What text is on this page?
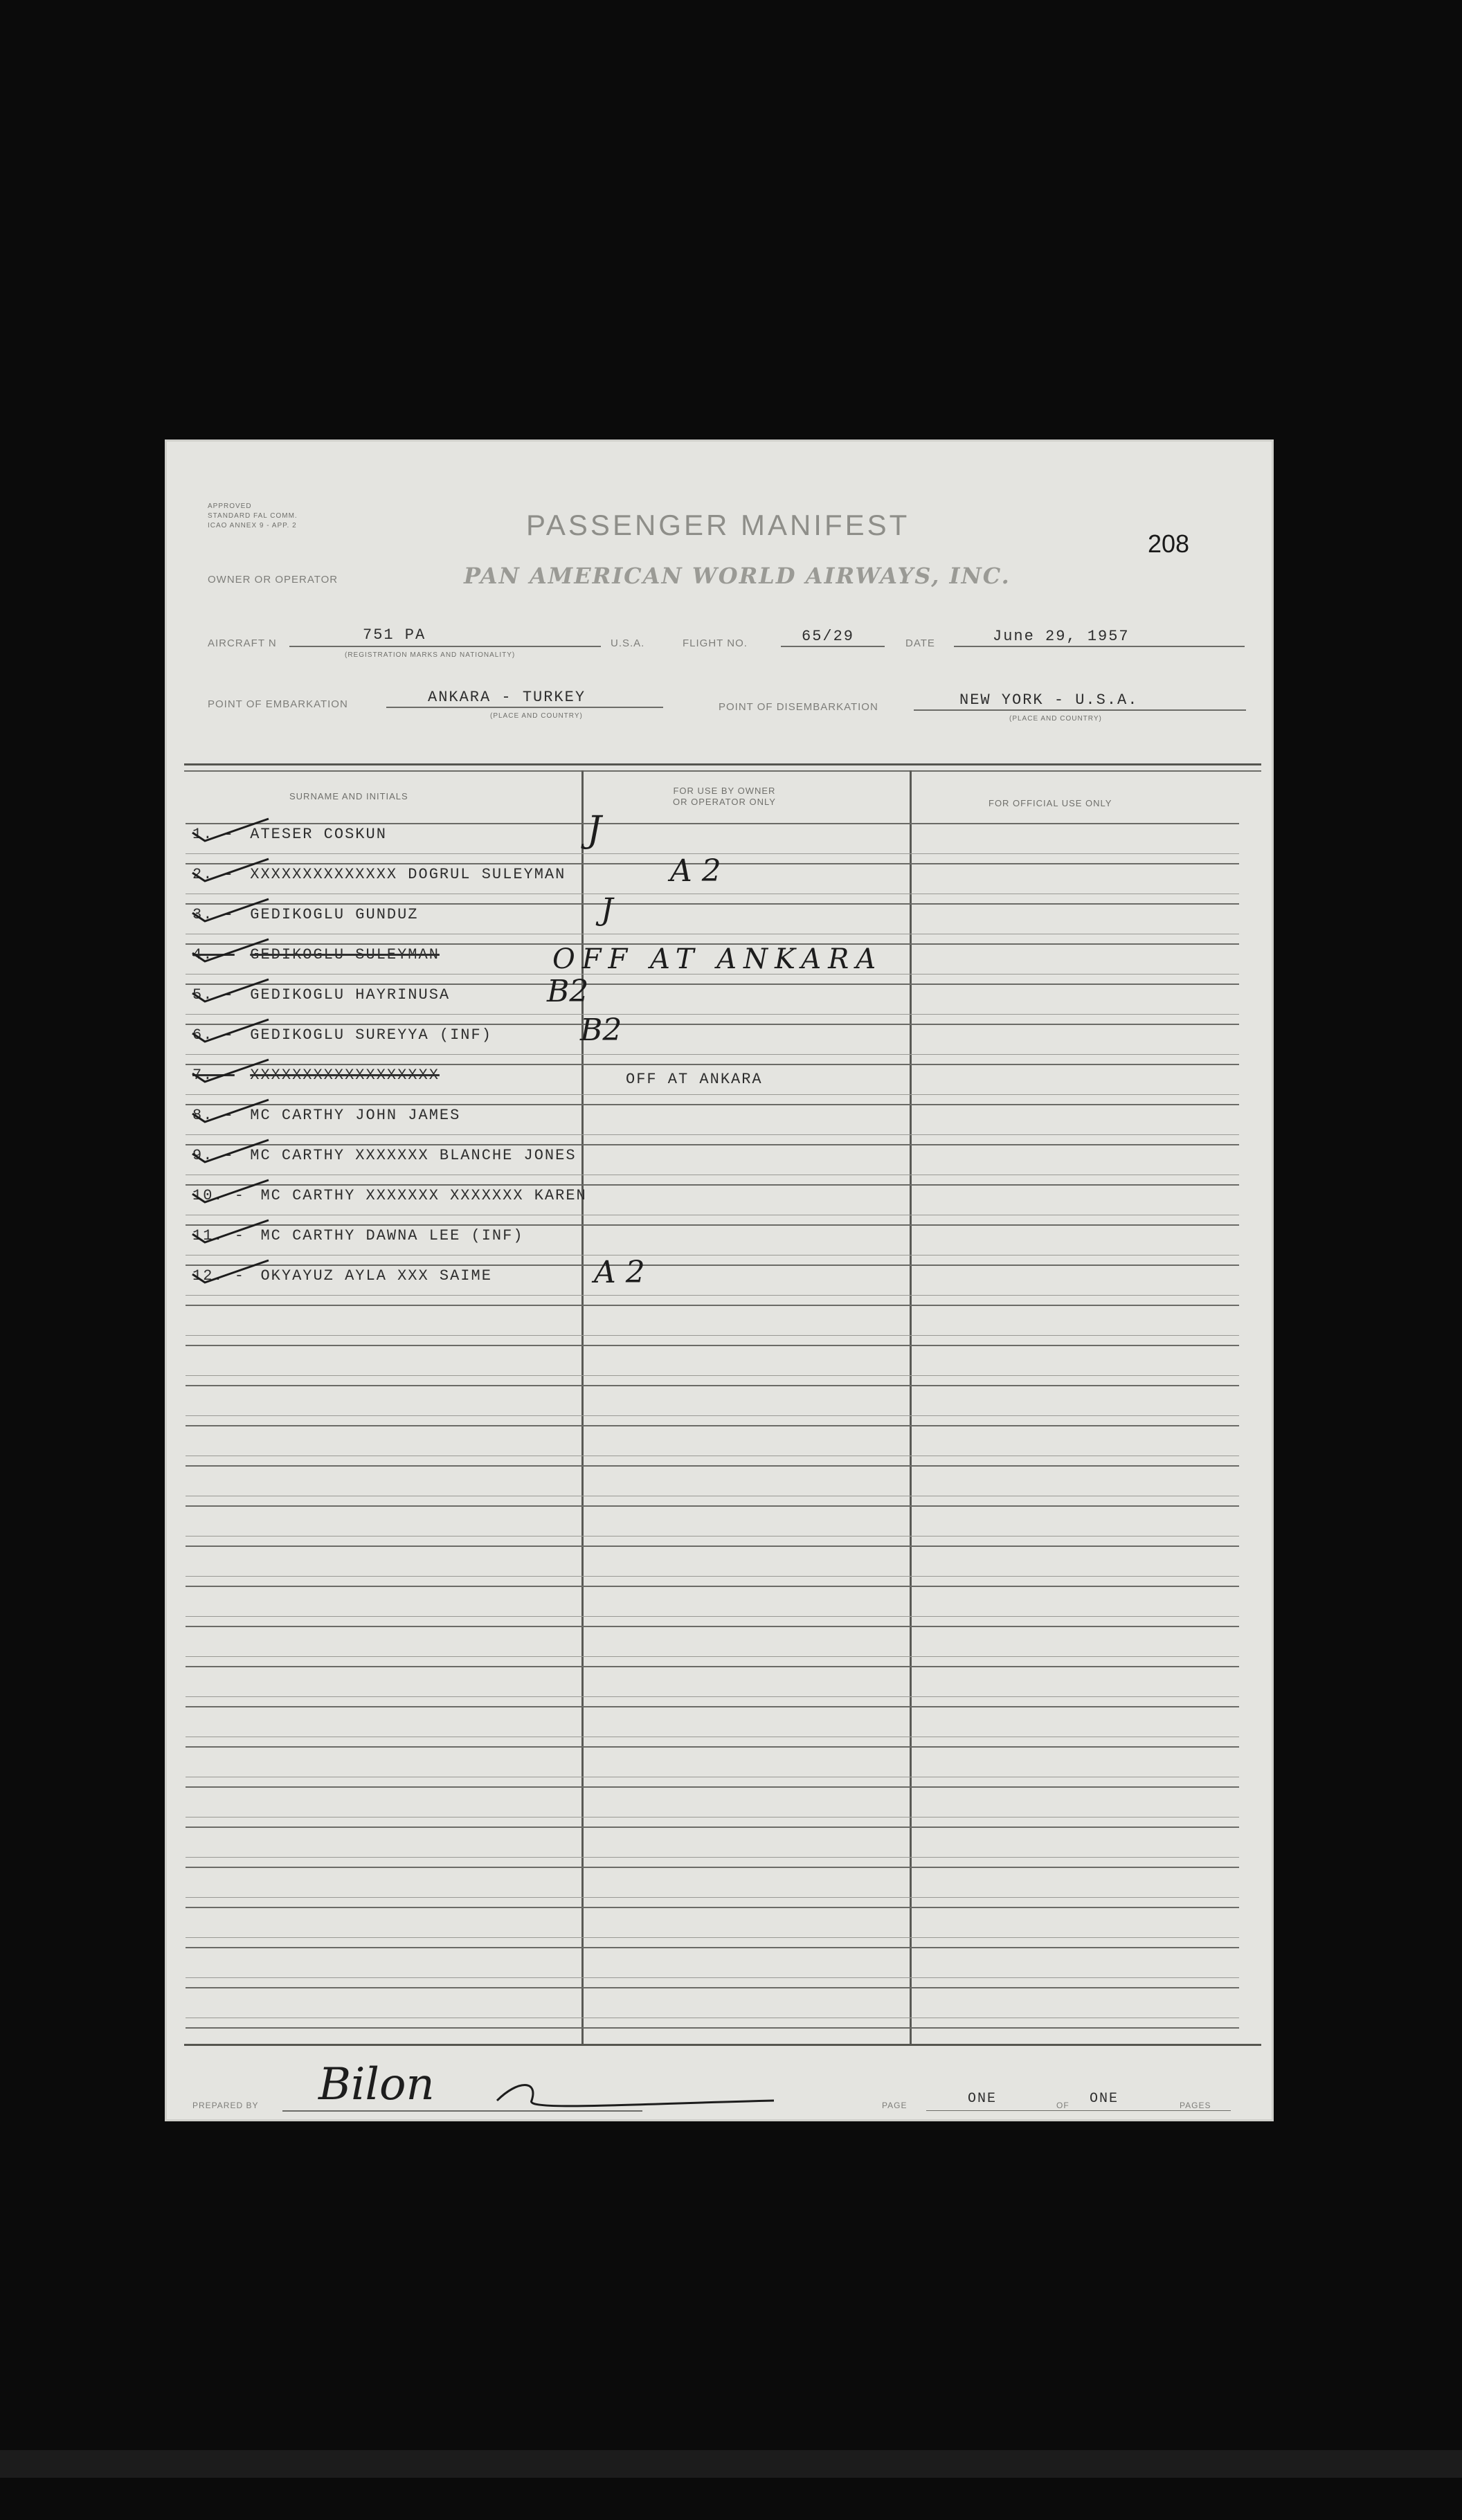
APPROVED
STANDARD FAL COMM.
ICAO ANNEX 9 - APP. 2	PASSENGER MANIFEST
208
OWNER OR OPERATOR	PAN AMERICAN WORLD AIRWAYS, INC.
AIRCRAFT N	751 PA
(REGISTRATION MARKS AND NATIONALITY)
U.S.A.	FLIGHT NO.	65/29	DATE	June 29, 1957
POINT OF EMBARKATION	ANKARA - TURKEY
(PLACE AND COUNTRY)
POINT OF DISEMBARKATION	NEW YORK - U.S.A.
(PLACE AND COUNTRY)
SURNAME AND INITIALS
FOR USE BY OWNER
OR OPERATOR ONLY	FOR OFFICIAL USE ONLY
1. - ATESER COSKUN	J
2. - XXXXXXXXXXXXXX DOGRUL SULEYMAN	A 2
3. - GEDIKOGLU GUNDUZ	J
4. - GEDIKOGLU SULEYMAN	OFF AT ANKARA
5. - GEDIKOGLU HAYRINUSA	B2
6. - GEDIKOGLU SUREYYA (INF)	B2
7. - XXXXXXXXXXXXXXXXXX	OFF AT ANKARA
8. - MC CARTHY JOHN JAMES
9. - MC CARTHY XXXXXXX BLANCHE JONES
10. - MC CARTHY XXXXXXX XXXXXXX KAREN
11. - MC CARTHY DAWNA LEE (INF)
12. - OKYAYUZ AYLA XXX SAIME	A 2
PREPARED BY Bilon	PAGE	ONE	OF ONE	PAGES
